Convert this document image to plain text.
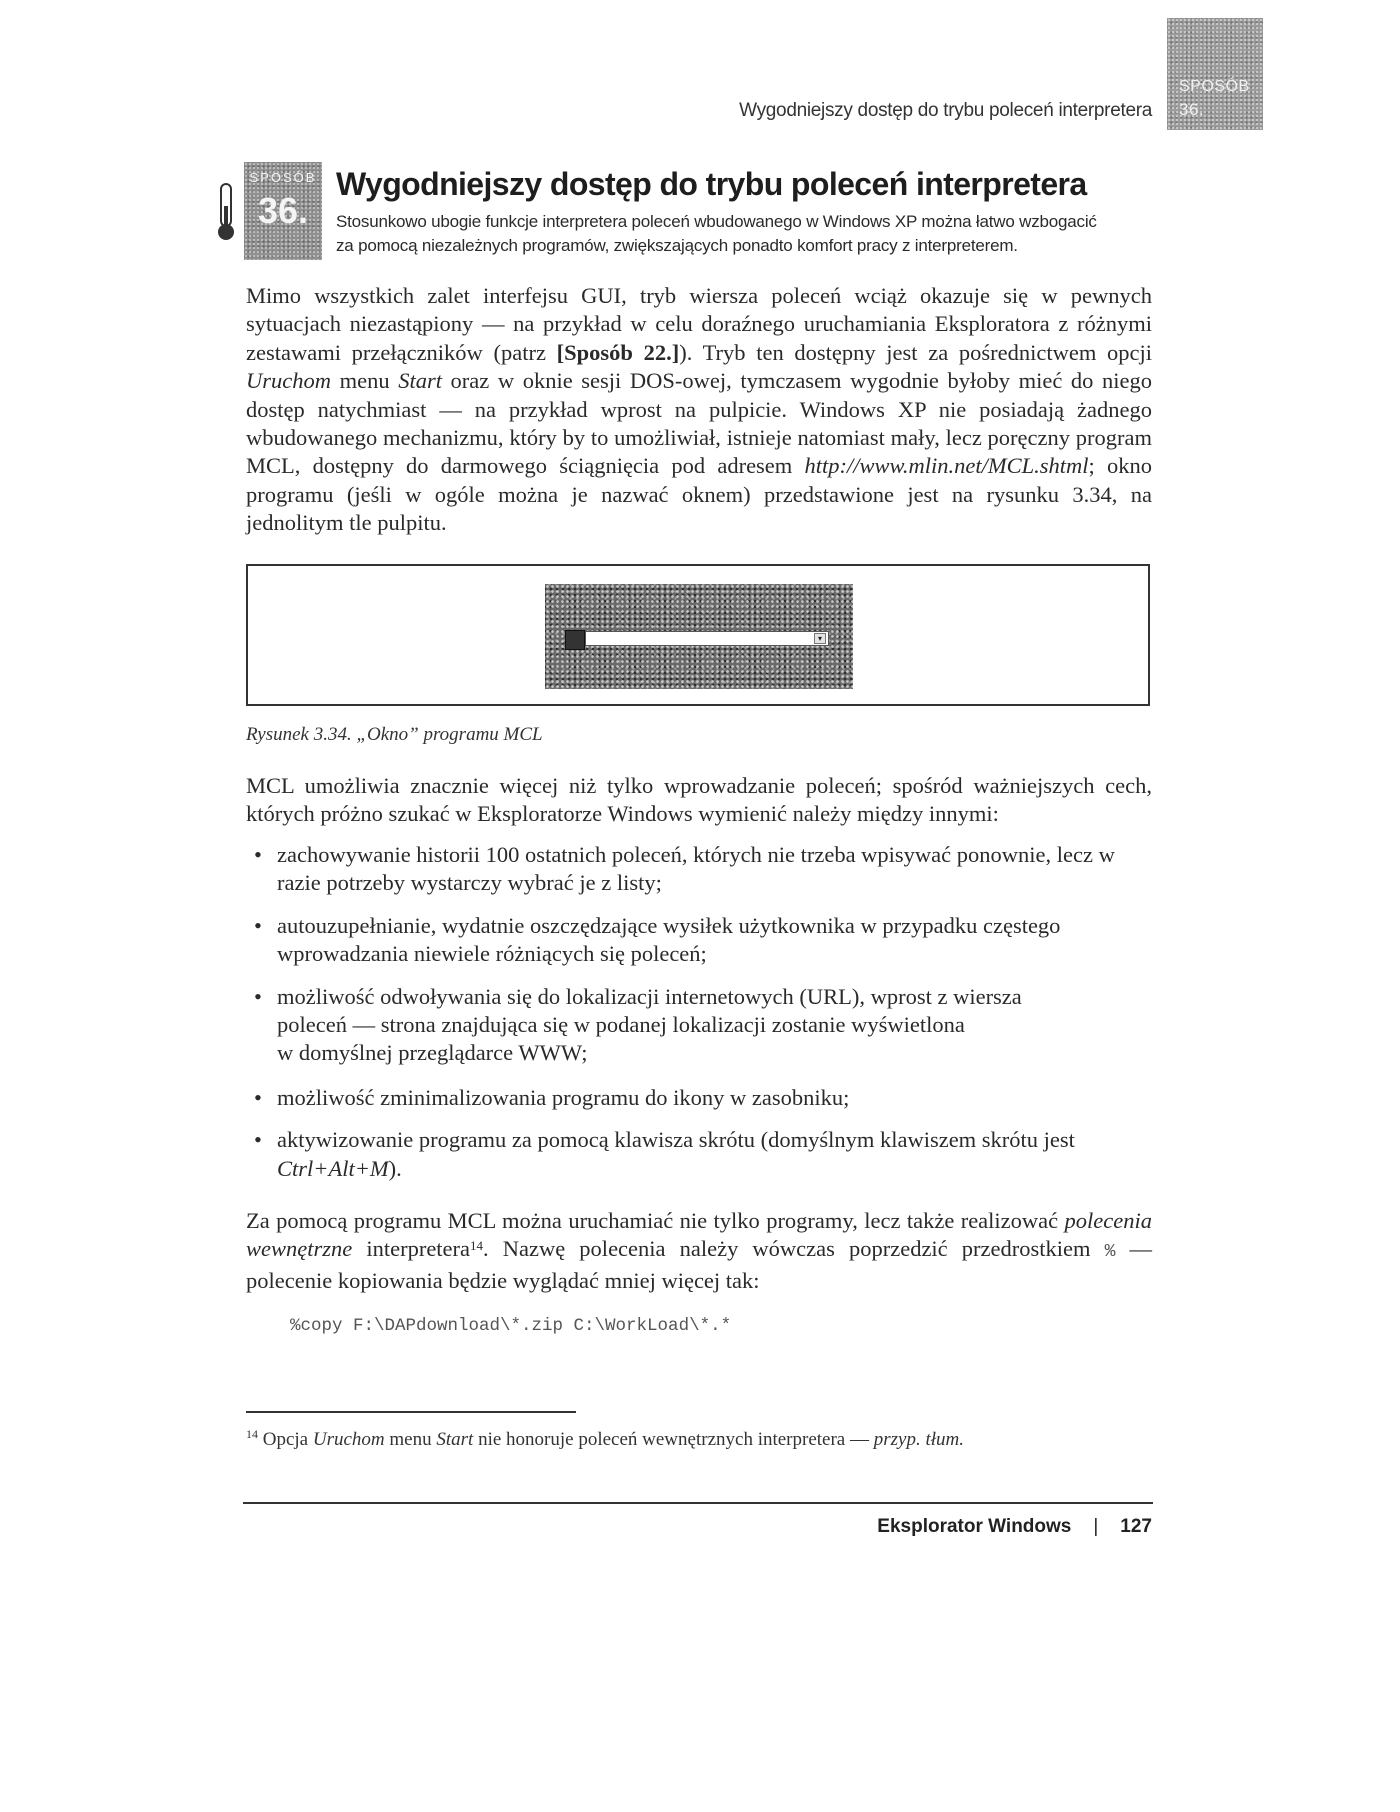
Wygodniejszy dostęp do trybu poleceń interpretera
SPOSÓB
36.
SPOSÓB
36.
Wygodniejszy dostęp do trybu poleceń interpretera
Stosunkowo ubogie funkcje interpretera poleceń wbudowanego w Windows XP można łatwo wzbogacić
za pomocą niezależnych programów, zwiększających ponadto komfort pracy z interpreterem.
Mimo wszystkich zalet interfejsu GUI, tryb wiersza poleceń wciąż okazuje się w pewnych sytuacjach niezastąpiony — na przykład w celu doraźnego uruchamiania Eksploratora z różnymi zestawami przełączników (patrz [Sposób 22.]). Tryb ten dostępny jest za pośrednictwem opcji Uruchom menu Start oraz w oknie sesji DOS-owej, tymczasem wygodnie byłoby mieć do niego dostęp natychmiast — na przykład wprost na pulpicie. Windows XP nie posiadają żadnego wbudowanego mechanizmu, który by to umożliwiał, istnieje natomiast mały, lecz poręczny program MCL, dostępny do darmowego ściągnięcia pod adresem http://www.mlin.net/MCL.shtml; okno programu (jeśli w ogóle można je nazwać oknem) przedstawione jest na rysunku 3.34, na jednolitym tle pulpitu.
▾
Rysunek 3.34. „Okno” programu MCL
MCL umożliwia znacznie więcej niż tylko wprowadzanie poleceń; spośród ważniejszych cech, których próżno szukać w Eksploratorze Windows wymienić należy między innymi:
• zachowywanie historii 100 ostatnich poleceń, których nie trzeba wpisywać ponownie, lecz w razie potrzeby wystarczy wybrać je z listy;
• autouzupełnianie, wydatnie oszczędzające wysiłek użytkownika w przypadku częstego wprowadzania niewiele różniących się poleceń;
• możliwość odwoływania się do lokalizacji internetowych (URL), wprost z wiersza
poleceń — strona znajdująca się w podanej lokalizacji zostanie wyświetlona
w domyślnej przeglądarce WWW;
• możliwość zminimalizowania programu do ikony w zasobniku;
• aktywizowanie programu za pomocą klawisza skrótu (domyślnym klawiszem skrótu jest Ctrl+Alt+M).
Za pomocą programu MCL można uruchamiać nie tylko programy, lecz także realizować polecenia wewnętrzne interpretera$^{14}$. Nazwę polecenia należy wówczas poprzedzić przedrostkiem % — polecenie kopiowania będzie wyglądać mniej więcej tak:
%copy F:\DAPdownload\*.zip C:\WorkLoad\*.*
$^{14}$ Opcja Uruchom menu Start nie honoruje poleceń wewnętrznych interpretera — przyp. tłum.
Eksplorator Windows | 127
